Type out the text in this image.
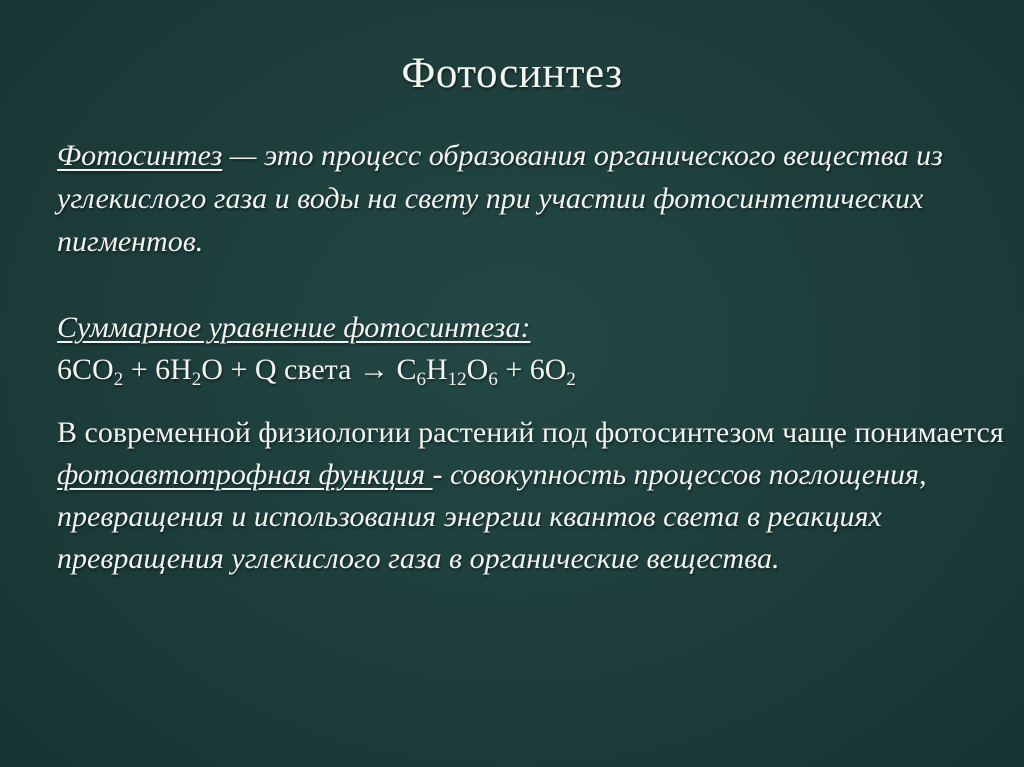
Фотосинтез

Фотосинтез — это процесс образования органического вещества из углекислого газа и воды на свету при участии фотосинтетических пигментов.

Суммарное уравнение фотосинтеза:

$6CO_2 + 6H_2O + Q$ света → $C_6H_{12}O_6 + 6O_2$

В современной физиологии растений под фотосинтезом чаще понимается фотоавтотрофная функция - совокупность процессов поглощения, превращения и использования энергии квантов света в реакциях превращения углекислого газа в органические вещества.
